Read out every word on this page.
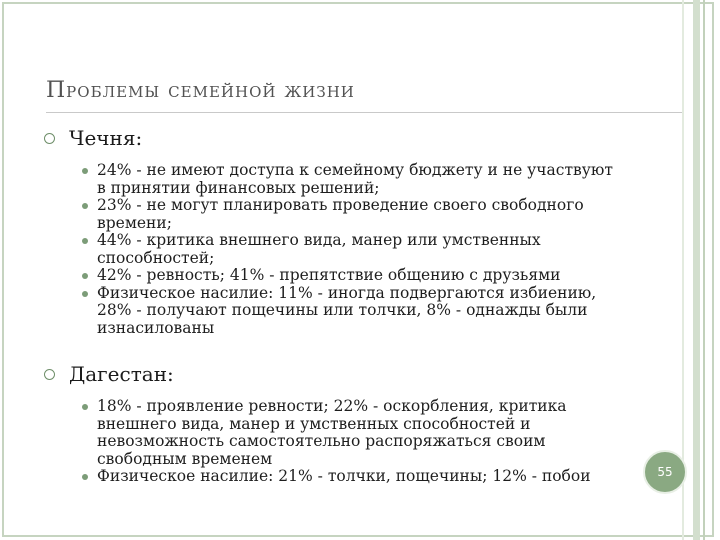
Проблемы семейной жизни
Чечня:
24% - не имеют доступа к семейному бюджету и не участвуют в принятии финансовых решений;
23% - не могут планировать проведение своего свободного времени;
44% - критика внешнего вида, манер или умственных способностей;
42% - ревность; 41% - препятствие общению с друзьями
Физическое насилие: 11% - иногда подвергаются избиению, 28% - получают пощечины или толчки, 8% - однажды были изнасилованы
Дагестан:
18% - проявление ревности; 22% - оскорбления, критика внешнего вида, манер и умственных способностей и невозможность самостоятельно распоряжаться своим свободным временем
Физическое насилие: 21% - толчки, пощечины; 12% - побои	55
